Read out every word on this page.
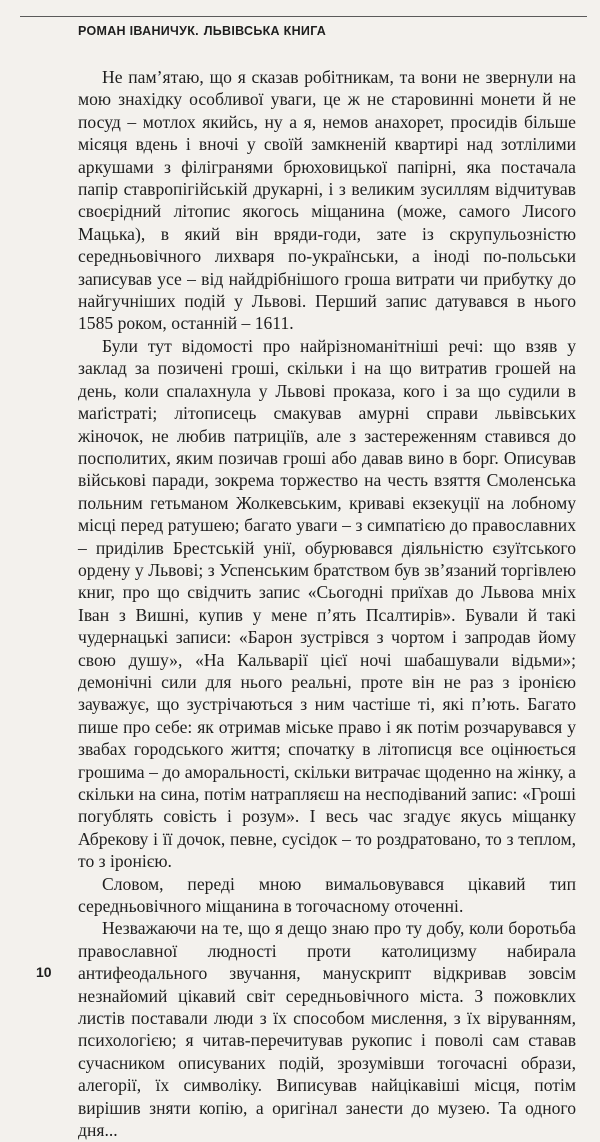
РОМАН ІВАНИЧУК. ЛЬВІВСЬКА КНИГА

Не пам’ятаю, що я сказав робітникам, та вони не звернули на мою знахідку особливої уваги, це ж не старовинні монети й не посуд – мотлох якийсь, ну а я, немов анахорет, просидів більше місяця вдень і вночі у своїй замкненій квартирі над зотлілими аркушами з філігранями брюховицької папірні, яка постачала папір ставропігійській друкарні, і з великим зусиллям відчитував своєрідний літопис якогось міщанина (може, самого Лисого Мацька), в який він вряди-годи, зате із скрупульозністю середньовічного лихваря по-українськи, а іноді по-польськи записував усе – від найдрібнішого гроша витрати чи прибутку до найгучніших подій у Львові. Перший запис датувався в нього 1585 роком, останній – 1611.

Були тут відомості про найрізноманітніші речі: що взяв у заклад за позичені гроші, скільки і на що витратив грошей на день, коли спалахнула у Львові проказа, кого і за що судили в маґістраті; літописець смакував амурні справи львівських жіночок, не любив патриціїв, але з застереженням ставився до посполитих, яким позичав гроші або давав вино в борг. Описував військові паради, зокрема торжество на честь взяття Смоленська польним гетьманом Жолкевським, криваві екзекуції на лобному місці перед ратушею; багато уваги – з симпатією до православних – приділив Брестській унії, обурювався діяльністю єзуїтського ордену у Львові; з Успенським братством був зв’язаний торгівлею книг, про що свідчить запис «Сьогодні приїхав до Львова мніх Іван з Вишні, купив у мене п’ять Псалтирів». Бували й такі чудернацькі записи: «Барон зустрівся з чортом і запродав йому свою душу», «На Кальварії цієї ночі шабашували відьми»; демонічні сили для нього реальні, проте він не раз з іронією зауважує, що зустрічаються з ним частіше ті, які п’ють. Багато пише про себе: як отримав міське право і як потім розчарувався у звабах городського життя; спочатку в літописця все оцінюється грошима – до аморальності, скільки витрачає щоденно на жінку, а скільки на сина, потім натрапляєш на несподіваний запис: «Гроші погублять совість і розум». І весь час згадує якусь міщанку Абрекову і її дочок, певне, сусідок – то роздратовано, то з теплом, то з іронією.

Словом, переді мною вимальовувався цікавий тип середньовічного міщанина в тогочасному оточенні.

Незважаючи на те, що я дещо знаю про ту добу, коли боротьба православної людності проти католицизму набирала антифеодального звучання, манускрипт відкривав зовсім незнайомий цікавий світ середньовічного міста. З пожовклих листів поставали люди з їх способом мислення, з їх віруванням, психологією; я читав-перечитував рукопис і поволі сам ставав сучасником описуваних подій, зрозумівши тогочасні образи, алегорії, їх символіку. Виписував найцікавіші місця, потім вирішив зняти копію, а оригінал занести до музею. Та одного дня...

10
